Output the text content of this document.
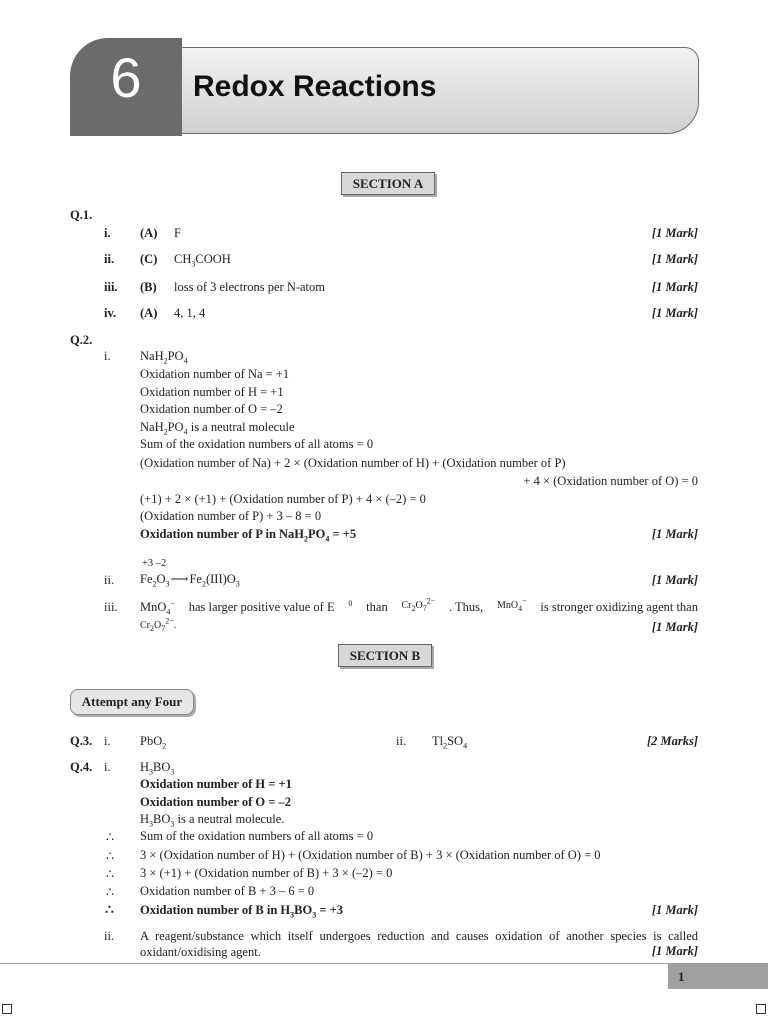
6	Redox Reactions
SECTION A
Q.1.
i. (A) F	[1 Mark]
ii. (C) $CH_3COOH$	[1 Mark]
iii. (B) loss of 3 electrons per N-atom	[1 Mark]
iv. (A) 4, 1, 4	[1 Mark]
Q.2.
i. $NaH_2PO_4$
Oxidation number of Na = +1
Oxidation number of H = +1
Oxidation number of O = –2
$NaH_2PO_4$ is a neutral molecule
Sum of the oxidation numbers of all atoms = 0
(Oxidation number of Na) + 2 × (Oxidation number of H) + (Oxidation number of P)
+ 4 × (Oxidation number of O) = 0
(+1) + 2 × (+1) + (Oxidation number of P) + 4 × (–2) = 0
(Oxidation number of P) + 3 – 8 = 0
Oxidation number of P in $NaH_2PO_4 = +5$	[1 Mark]
+3 –2
ii. $Fe_2O_3⟶Fe_2(III)O_3$	[1 Mark]
iii. MnO$_4$− has larger positive value of E $^0$ than $Cr_2O_7^{2-}$ . Thus, MnO$_4$− is stronger oxidizing agent than
$Cr_2O_7^{2-}$.	[1 Mark]
SECTION B
Attempt any Four
Q.3. i. PbO$_2$	ii. $Tl_2SO_4$	[2 Marks]
Q.4. i. $H_3BO_3$
Oxidation number of H = +1
Oxidation number of O = –2
$H_3BO_3$ is a neutral molecule.
∴ Sum of the oxidation numbers of all atoms = 0
∴ 3 × (Oxidation number of H) + (Oxidation number of B) + 3 × (Oxidation number of O) = 0
∴ 3 × (+1) + (Oxidation number of B) + 3 × (–2) = 0
∴ Oxidation number of B + 3 – 6 = 0
∴ Oxidation number of B in $H_3BO_3 = +3$	[1 Mark]
ii. A reagent/substance which itself undergoes reduction and causes oxidation of another species is called
oxidant/oxidising agent.	[1 Mark]
1
